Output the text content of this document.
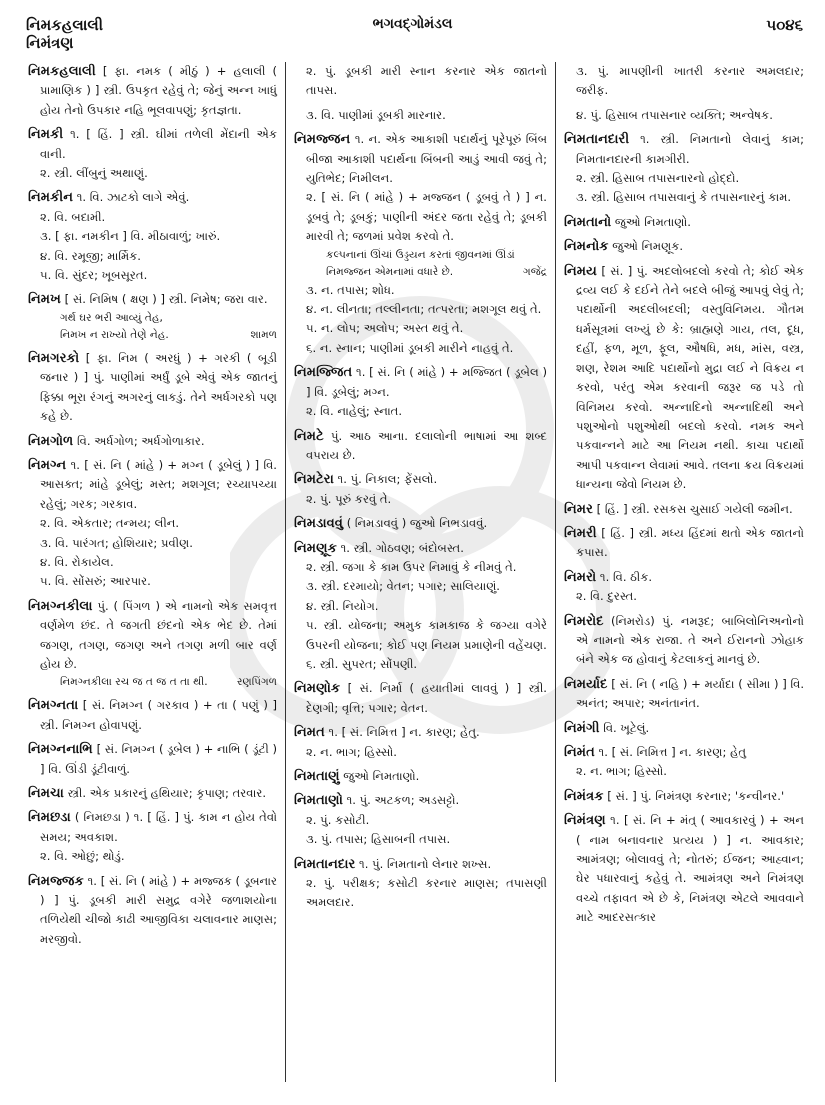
નિમકહલાલી
નિમંત્રણ
ભગવદ્ગોમંડલ	૫૦૪૬
નિમકહલાલી [ ફા. નમક ( મીઠું ) + હલાલી ( પ્રામાણિક ) ] સ્ત્રી. ઉપકૃત રહેવું તે; જેનું અન્ન ખાધું હોય તેનો ઉપકાર નહિ ભૂલવાપણું; કૃતજ્ઞતા.
નિમકી ૧. [ હિં. ] સ્ત્રી. ઘીમાં તળેલી મેંદાની એક વાની.
૨. સ્ત્રી. લીંબુનું અથાણું.
નિમકીન ૧. વિ. ઝાટકો લાગે એવું.
૨. વિ. બદામી.
૩. [ ફા. નમકીન ] વિ. મીઠાવાળું; ખારું.
૪. વિ. રમૂજી; માર્મિક.
૫. વિ. સુંદર; ખૂબસૂરત.
નિમખ [ સં. નિમિષ ( ક્ષણ ) ] સ્ત્રી. નિમેષ; જરા વાર.
ગર્થ ઘર ભરી આવ્યું તેહ,
નિમખ ન રાખ્યો તેણે નેહ.	શામળ
નિમગરકો [ ફા. નિમ ( અરધું ) + ગરકી ( બૂડી જનાર ) ] પું. પાણીમાં અર્ધું ડૂબે એવું એક જાતનું ફિક્કા ભૂરા રંગનું અગરનું લાકડું. તેને અર્ધગરકો પણ કહે છે.
નિમગોળ વિ. અર્ધગોળ; અર્ધગોળાકાર.
નિમગ્ન ૧. [ સં. નિ ( માંહે ) + મગ્ન ( ડૂબેલું ) ] વિ. આસક્ત; માંહે ડૂબેલું; મસ્ત; મશગૂલ; રચ્યાપચ્યા રહેલું; ગરક; ગરકાવ.
૨. વિ. એકતાર; તન્મય; લીન.
૩. વિ. પારંગત; હોશિયાર; પ્રવીણ.
૪. વિ. રોકાયેલ.
૫. વિ. સોંસરું; આરપાર.
નિમગ્નકીલા પું. ( પિંગળ ) એ નામનો એક સમવૃત્ત વર્ણમેળ છંદ. તે જગતી છંદનો એક ભેદ છે. તેમાં જગણ, તગણ, જગણ અને તગણ મળી બાર વર્ણ હોય છે.
નિમગ્નકીલા રચ જ ત જ ત તા થી.	રણપિંગળ
નિમગ્નતા [ સં. નિમગ્ન ( ગરકાવ ) + તા ( પણું ) ] સ્ત્રી. નિમગ્ન હોવાપણું.
નિમગ્નનાભિ [ સં. નિમગ્ન ( ડૂબેલ ) + નાભિ ( ડૂંટી ) ] વિ. ઊંડી ડૂંટીવાળું.
નિમચા સ્ત્રી. એક પ્રકારનું હથિયાર; કૃપાણ; તરવાર.
નિમછડા ( નિમછડા ) ૧. [ હિં. ] પું. કામ ન હોય તેવો સમય; અવકાશ.
૨. વિ. ઓછું; થોડું.
નિમજ્જક ૧. [ સં. નિ ( માંહે ) + મજ્જક ( ડૂબનાર ) ] પું. ડૂબકી મારી સમુદ્ર વગેરે જળાશયોના તળિયેથી ચીજો કાઢી આજીવિકા ચલાવનાર માણસ; મરજીવો.
૨. પું. ડૂબકી મારી સ્નાન કરનાર એક જાતનો તાપસ.
૩. વિ. પાણીમાં ડૂબકી મારનાર.
નિમજ્જન ૧. ન. એક આકાશી પદાર્થનું પૂરેપૂરું બિંબ બીજા આકાશી પદાર્થના બિંબની આડું આવી જવું તે; યુતિભેદ; નિમીલન.
૨. [ સં. નિ ( માંહે ) + મજ્જન ( ડૂબવું તે ) ] ન. ડૂબવું તે; ડૂબકું; પાણીની અંદર જતા રહેવું તે; ડૂબકી મારવી તે; જળમાં પ્રવેશ કરવો તે.
કલ્પનાનાં ઊંચાં ઉડ્ડયન કરતાં જીવનમાં ઊંડાં
નિમજ્જન એમનામાં વધારે છે.	ગજેંદ્ર
૩. ન. તપાસ; શોધ.
૪. ન. લીનતા; તલ્લીનતા; તત્પરતા; મશગૂલ થવું તે.
૫. ન. લોપ; અલોપ; અસ્ત થવું તે.
૬. ન. સ્નાન; પાણીમાં ડૂબકી મારીને નાહવું તે.
નિમજ્જિત ૧. [ સં. નિ ( માંહે ) + મજ્જિત ( ડૂબેલ ) ] વિ. ડૂબેલું; મગ્ન.
૨. વિ. નાહેલું; સ્નાત.
નિમટે પું. આઠ આના. દલાલોની ભાષામાં આ શબ્દ વપરાય છે.
નિમટેરા ૧. પું. નિકાલ; ફેંસલો.
૨. પું. પૂરું કરવું તે.
નિમડાવવું ( નિમડાવવું ) જુઓ નિભડાવવું.
નિમણૂક ૧. સ્ત્રી. ગોઠવણ; બંદોબસ્ત.
૨. સ્ત્રી. જગા કે કામ ઉપર નિમાવું કે નીમવું તે.
૩. સ્ત્રી. દરમાયો; વેતન; પગાર; સાલિયાણું.
૪. સ્ત્રી. નિયોગ.
૫. સ્ત્રી. યોજના; અમુક કામકાજ કે જગ્યા વગેરે ઉપરની યોજના; કોઈ પણ નિયમ પ્રમાણેની વહેંચણ.
૬. સ્ત્રી. સુપરત; સોંપણી.
નિમણોક [ સં. નિર્મા ( હયાતીમાં લાવવું ) ] સ્ત્રી. દેણગી; વૃત્તિ; પગાર; વેતન.
નિમત ૧. [ સં. નિમિત્ત ] ન. કારણ; હેતુ.
૨. ન. ભાગ; હિસ્સો.
નિમતાણું જુઓ નિમતાણો.
નિમતાણો ૧. પું. અટકળ; અડસટ્ટો.
૨. પું. કસોટી.
૩. પું. તપાસ; હિસાબની તપાસ.
નિમતાનદાર ૧. પું. નિમતાનો લેનાર શખ્સ.
૨. પું. પરીક્ષક; કસોટી કરનાર માણસ; તપાસણી અમલદાર.
૩. પું. માપણીની ખાતરી કરનાર અમલદાર; જરીફ.
૪. પું. હિસાબ તપાસનાર વ્યક્તિ; અન્વેષક.
નિમતાનદારી ૧. સ્ત્રી. નિમતાનો લેવાનું કામ; નિમતાનદારની કામગીરી.
૨. સ્ત્રી. હિસાબ તપાસનારનો હોદ્દો.
૩. સ્ત્રી. હિસાબ તપાસવાનું કે તપાસનારનું કામ.
નિમતાનો જુઓ નિમતાણો.
નિમનોક જુઓ નિમણૂક.
નિમય [ સં. ] પું. અદલોબદલો કરવો તે; કોઈ એક દ્રવ્ય લઈ કે દઈને તેને બદલે બીજું આપવું લેવું તે; પદાર્થોની અદલીબદલી; વસ્તુવિનિમય. ગૌતમ ધર્મસૂત્રમાં લખ્યું છે કે: બ્રાહ્મણે ગાય, તલ, દૂધ, દહીં, ફળ, મૂળ, ફૂલ, ઔષધિ, મધ, માંસ, વસ્ત્ર, શણ, રેશમ આદિ પદાર્થોનો મુદ્રા લઈ ને વિક્રય ન કરવો, પરંતુ એમ કરવાની જરૂર જ પડે તો વિનિમય કરવો. અન્નાદિનો અન્નાદિથી અને પશુઓનો પશુઓથી બદલો કરવો. નમક અને પકવાન્નને માટે આ નિયમ નથી. કાચા પદાર્થો આપી પકવાન્ન લેવામાં આવે. તલના ક્રય વિક્રયમાં ધાન્યના જેવો નિયમ છે.
નિમર [ હિં. ] સ્ત્રી. રસકસ ચુસાઈ ગયેલી જમીન.
નિમરી [ હિં. ] સ્ત્રી. મધ્ય હિંદમાં થતો એક જાતનો કપાસ.
નિમરો ૧. વિ. ઠીક.
૨. વિ. દુરસ્ત.
નિમરોદ (નિમરોડ) પું. નમરૂદ; બાબિલોનિઅનોનો એ નામનો એક રાજા. તે અને ઈરાનનો ઝોહાક બંને એક જ હોવાનું કેટલાકનું માનવું છે.
નિમર્યાદ [ સં. નિ ( નહિ ) + મર્યાદા ( સીમા ) ] વિ. અનંત; અપાર; અનંતાનંત.
નિમંગી વિ. ખૂટેલું.
નિમંત ૧. [ સં. નિમિત્ત ] ન. કારણ; હેતુ
૨. ન. ભાગ; હિસ્સો.
નિમંત્રક [ સં. ] પું. નિમંત્રણ કરનાર; 'કન્વીનર.'
નિમંત્રણ ૧. [ સં. નિ + મંત્ર્ ( આવકારવું ) + અન ( નામ બનાવનાર પ્રત્યય ) ] ન. આવકાર; આમંત્રણ; બોલાવવું તે; નોતરું; ઈજન; આહ્વાન; ઘેર પધારવાનું કહેવું તે. આમંત્રણ અને નિમંત્રણ વચ્ચે તફાવત એ છે કે, નિમંત્રણ એટલે આવવાને માટે આદરસત્કાર
